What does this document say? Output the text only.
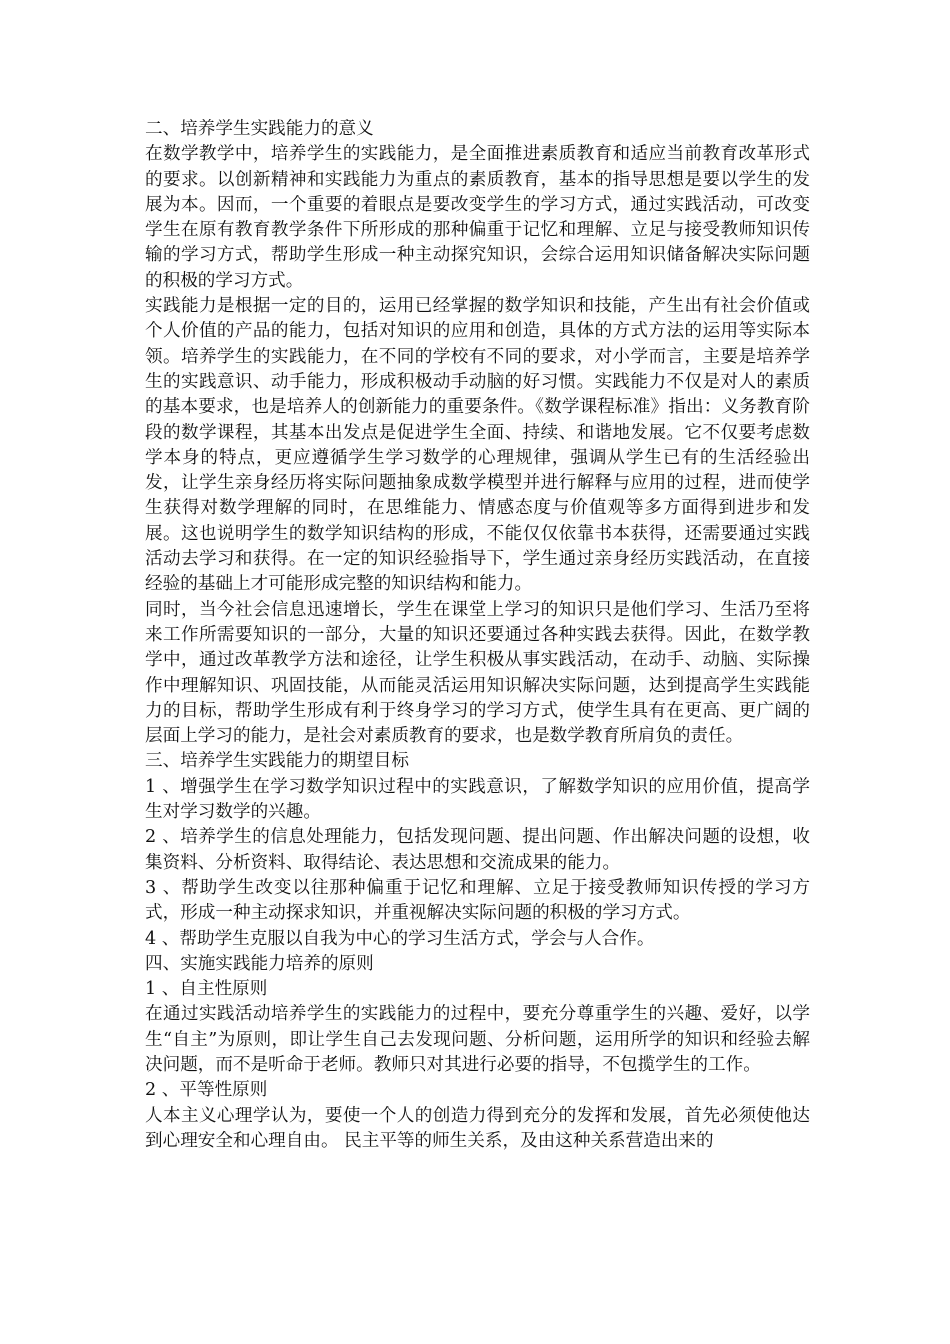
二、培养学生实践能力的意义

在数学教学中，培养学生的实践能力，是全面推进素质教育和适应当前教育改革形式的要求。以创新精神和实践能力为重点的素质教育，基本的指导思想是要以学生的发展为本。因而，一个重要的着眼点是要改变学生的学习方式，通过实践活动，可改变学生在原有教育教学条件下所形成的那种偏重于记忆和理解、立足与接受教师知识传输的学习方式，帮助学生形成一种主动探究知识，会综合运用知识储备解决实际问题的积极的学习方式。

实践能力是根据一定的目的，运用已经掌握的数学知识和技能，产生出有社会价值或个人价值的产品的能力，包括对知识的应用和创造，具体的方式方法的运用等实际本领。培养学生的实践能力，在不同的学校有不同的要求，对小学而言，主要是培养学生的实践意识、动手能力，形成积极动手动脑的好习惯。实践能力不仅是对人的素质的基本要求，也是培养人的创新能力的重要条件。《数学课程标准》指出：义务教育阶段的数学课程，其基本出发点是促进学生全面、持续、和谐地发展。它不仅要考虑数学本身的特点，更应遵循学生学习数学的心理规律，强调从学生已有的生活经验出发，让学生亲身经历将实际问题抽象成数学模型并进行解释与应用的过程，进而使学生获得对数学理解的同时，在思维能力、情感态度与价值观等多方面得到进步和发展。这也说明学生的数学知识结构的形成，不能仅仅依靠书本获得，还需要通过实践活动去学习和获得。在一定的知识经验指导下，学生通过亲身经历实践活动，在直接经验的基础上才可能形成完整的知识结构和能力。

同时，当今社会信息迅速增长，学生在课堂上学习的知识只是他们学习、生活乃至将来工作所需要知识的一部分，大量的知识还要通过各种实践去获得。因此，在数学教学中，通过改革教学方法和途径，让学生积极从事实践活动，在动手、动脑、实际操作中理解知识、巩固技能，从而能灵活运用知识解决实际问题，达到提高学生实践能力的目标，帮助学生形成有利于终身学习的学习方式，使学生具有在更高、更广阔的层面上学习的能力，是社会对素质教育的要求，也是数学教育所肩负的责任。

三、培养学生实践能力的期望目标

1 、增强学生在学习数学知识过程中的实践意识，了解数学知识的应用价值，提高学生对学习数学的兴趣。

2 、培养学生的信息处理能力，包括发现问题、提出问题、作出解决问题的设想，收集资料、分析资料、取得结论、表达思想和交流成果的能力。

3 、帮助学生改变以往那种偏重于记忆和理解、立足于接受教师知识传授的学习方式，形成一种主动探求知识，并重视解决实际问题的积极的学习方式。

4 、帮助学生克服以自我为中心的学习生活方式，学会与人合作。

四、实施实践能力培养的原则

1 、自主性原则

在通过实践活动培养学生的实践能力的过程中，要充分尊重学生的兴趣、爱好，以学生“自主”为原则，即让学生自己去发现问题、分析问题，运用所学的知识和经验去解决问题，而不是听命于老师。教师只对其进行必要的指导，不包揽学生的工作。

2 、平等性原则

人本主义心理学认为，要使一个人的创造力得到充分的发挥和发展，首先必须使他达到心理安全和心理自由。 民主平等的师生关系，及由这种关系营造出来的
